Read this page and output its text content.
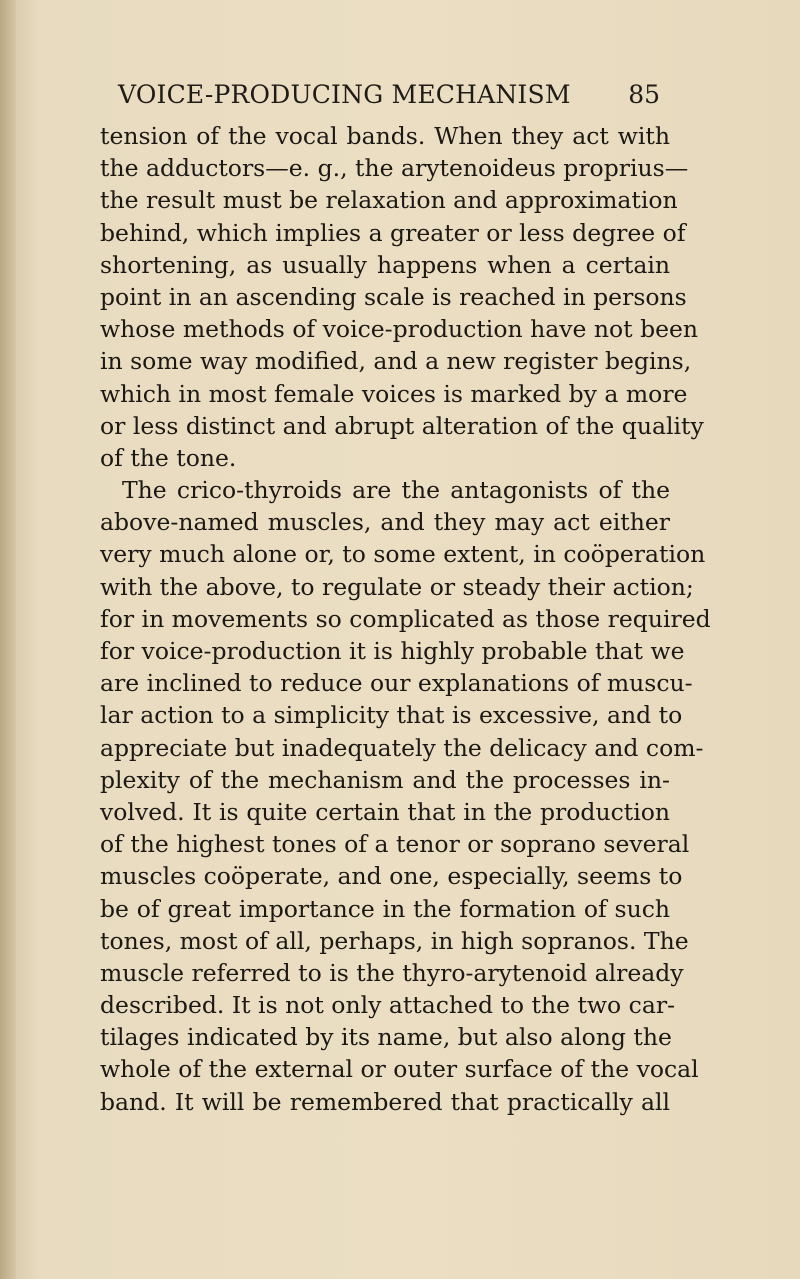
VOICE-PRODUCING MECHANISM 85
tension of the vocal bands. When they act with
the adductors—e. g., the arytenoideus proprius—
the result must be relaxation and approximation
behind, which implies a greater or less degree of
shortening, as usually happens when a certain
point in an ascending scale is reached in persons
whose methods of voice-production have not been
in some way modified, and a new register begins,
which in most female voices is marked by a more
or less distinct and abrupt alteration of the quality
of the tone.
The crico-thyroids are the antagonists of the
above-named muscles, and they may act either
very much alone or, to some extent, in coöperation
with the above, to regulate or steady their action;
for in movements so complicated as those required
for voice-production it is highly probable that we
are inclined to reduce our explanations of muscu-
lar action to a simplicity that is excessive, and to
appreciate but inadequately the delicacy and com-
plexity of the mechanism and the processes in-
volved. It is quite certain that in the production
of the highest tones of a tenor or soprano several
muscles coöperate, and one, especially, seems to
be of great importance in the formation of such
tones, most of all, perhaps, in high sopranos. The
muscle referred to is the thyro-arytenoid already
described. It is not only attached to the two car-
tilages indicated by its name, but also along the
whole of the external or outer surface of the vocal
band. It will be remembered that practically all
